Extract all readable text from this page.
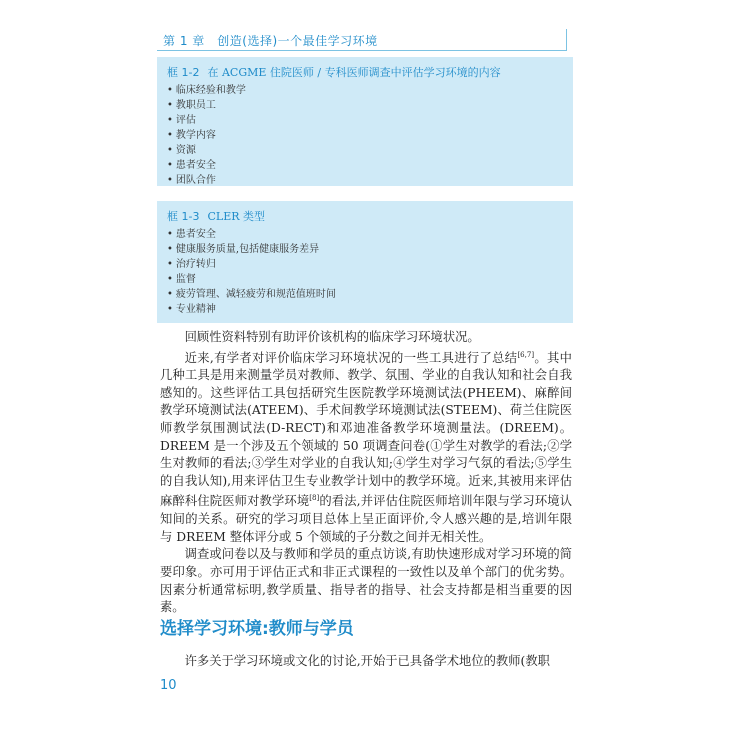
第 1 章　创造(选择)一个最佳学习环境
框 1-2 在 ACGME 住院医师 / 专科医师调查中评估学习环境的内容
• 临床经验和教学
• 教职员工
• 评估
• 教学内容
• 资源
• 患者安全
• 团队合作
框 1-3 CLER 类型
• 患者安全
• 健康服务质量,包括健康服务差异
• 治疗转归
• 监督
• 疲劳管理、减轻疲劳和规范值班时间
• 专业精神

回顾性资料特别有助评价该机构的临床学习环境状况。

近来,有学者对评价临床学习环境状况的一些工具进行了总结[6,7]。其中几种工具是用来测量学员对教师、教学、氛围、学业的自我认知和社会自我感知的。这些评估工具包括研究生医院教学环境测试法(PHEEM)、麻醉间教学环境测试法(ATEEM)、手术间教学环境测试法(STEEM)、荷兰住院医师教学氛围测试法(D-RECT)和邓迪准备教学环境测量法。(DREEM)。DREEM 是一个涉及五个领域的 50 项调查问卷(①学生对教学的看法;②学生对教师的看法;③学生对学业的自我认知;④学生对学习气氛的看法;⑤学生的自我认知),用来评估卫生专业教学计划中的教学环境。近来,其被用来评估麻醉科住院医师对教学环境[8]的看法,并评估住院医师培训年限与学习环境认知间的关系。研究的学习项目总体上呈正面评价,令人感兴趣的是,培训年限与 DREEM 整体评分或 5 个领域的子分数之间并无相关性。

调查或问卷以及与教师和学员的重点访谈,有助快速形成对学习环境的简要印象。亦可用于评估正式和非正式课程的一致性以及单个部门的优劣势。因素分析通常标明,教学质量、指导者的指导、社会支持都是相当重要的因素。

选择学习环境:教师与学员

许多关于学习环境或文化的讨论,开始于已具备学术地位的教师(教职

10
